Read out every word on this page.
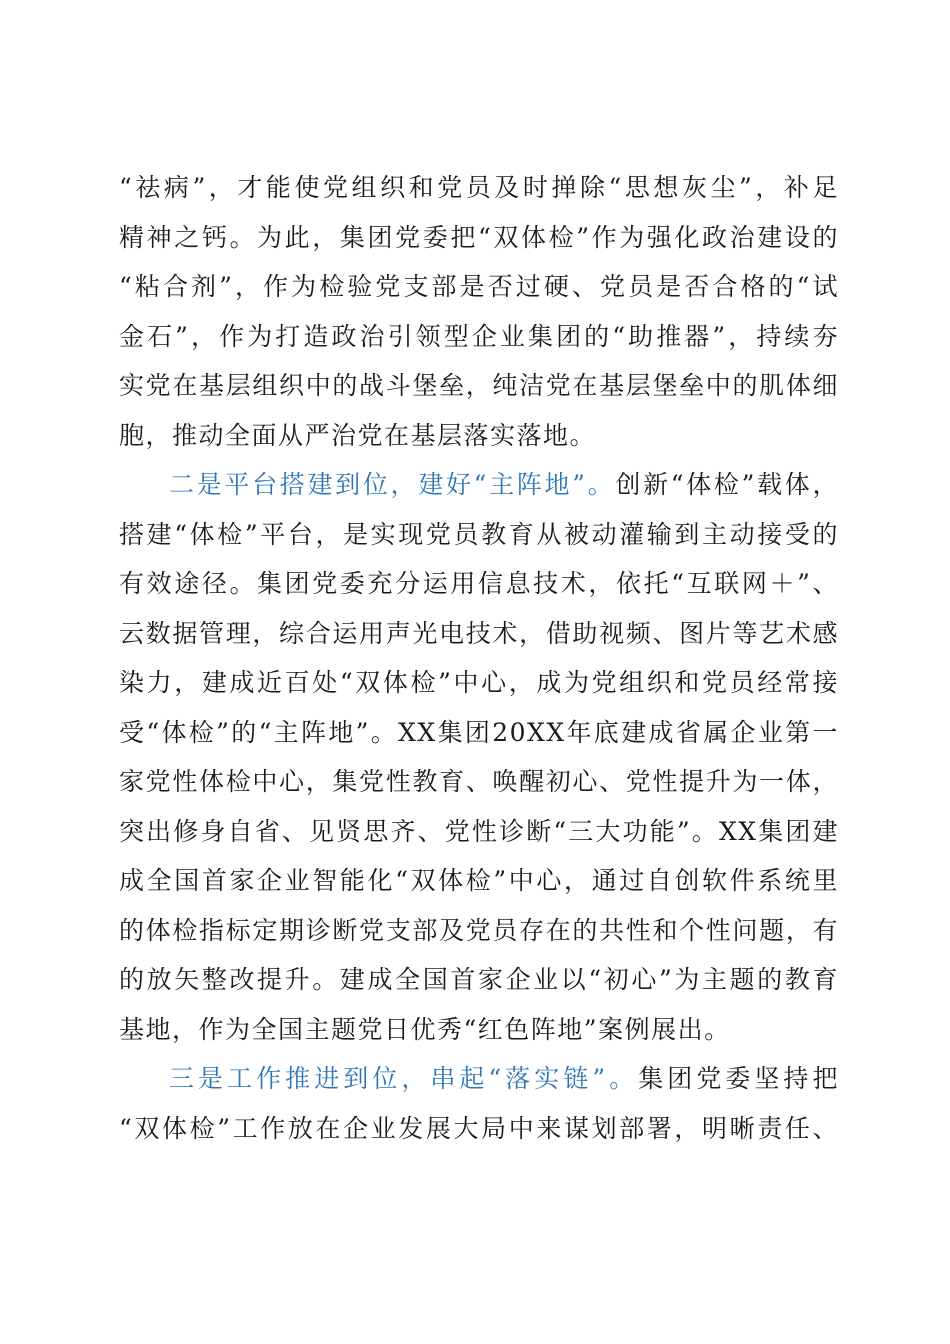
“祛病”，才能使党组织和党员及时掸除“思想灰尘”，补足
精神之钙。为此，集团党委把“双体检”作为强化政治建设的
“粘合剂”，作为检验党支部是否过硬、党员是否合格的“试
金石”，作为打造政治引领型企业集团的“助推器”，持续夯
实党在基层组织中的战斗堡垒，纯洁党在基层堡垒中的肌体细
胞，推动全面从严治党在基层落实落地。
二是平台搭建到位，建好“主阵地”。创新“体检”载体，
搭建“体检”平台，是实现党员教育从被动灌输到主动接受的
有效途径。集团党委充分运用信息技术，依托“互联网＋”、
云数据管理，综合运用声光电技术，借助视频、图片等艺术感
染力，建成近百处“双体检”中心，成为党组织和党员经常接
受“体检”的“主阵地”。XX集团20XX年底建成省属企业第一
家党性体检中心，集党性教育、唤醒初心、党性提升为一体，
突出修身自省、见贤思齐、党性诊断“三大功能”。XX集团建
成全国首家企业智能化“双体检”中心，通过自创软件系统里
的体检指标定期诊断党支部及党员存在的共性和个性问题，有
的放矢整改提升。建成全国首家企业以“初心”为主题的教育
基地，作为全国主题党日优秀“红色阵地”案例展出。
三是工作推进到位，串起“落实链”。集团党委坚持把
“双体检”工作放在企业发展大局中来谋划部署，明晰责任、
